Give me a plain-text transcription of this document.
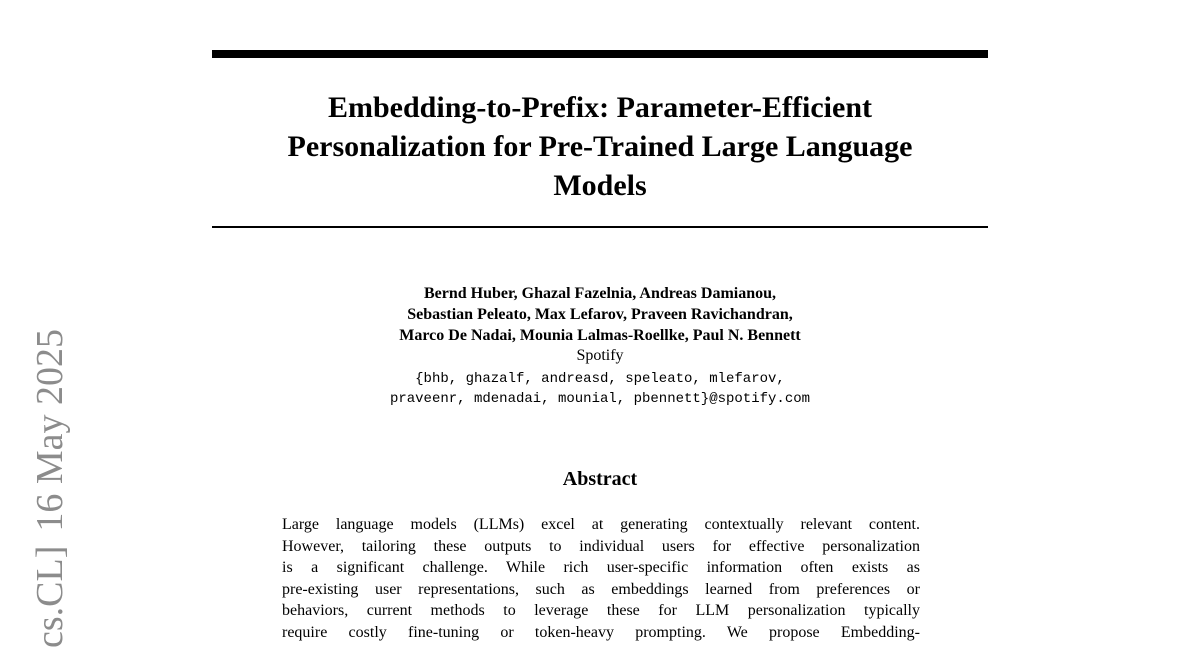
Embedding-to-Prefix: Parameter-Efficient
Personalization for Pre-Trained Large Language
Models
Bernd Huber, Ghazal Fazelnia, Andreas Damianou,
Sebastian Peleato, Max Lefarov, Praveen Ravichandran,
Marco De Nadai, Mounia Lalmas-Roellke, Paul N. Bennett
Spotify
{bhb, ghazalf, andreasd, speleato, mlefarov,
praveenr, mdenadai, mounial, pbennett}@spotify.com
Abstract
Large language models (LLMs) excel at generating contextually relevant content.
However, tailoring these outputs to individual users for effective personalization
is a significant challenge. While rich user-specific information often exists as
pre-existing user representations, such as embeddings learned from preferences or
behaviors, current methods to leverage these for LLM personalization typically
require costly fine-tuning or token-heavy prompting. We propose Embedding-
cs.CL]16 May 2025
